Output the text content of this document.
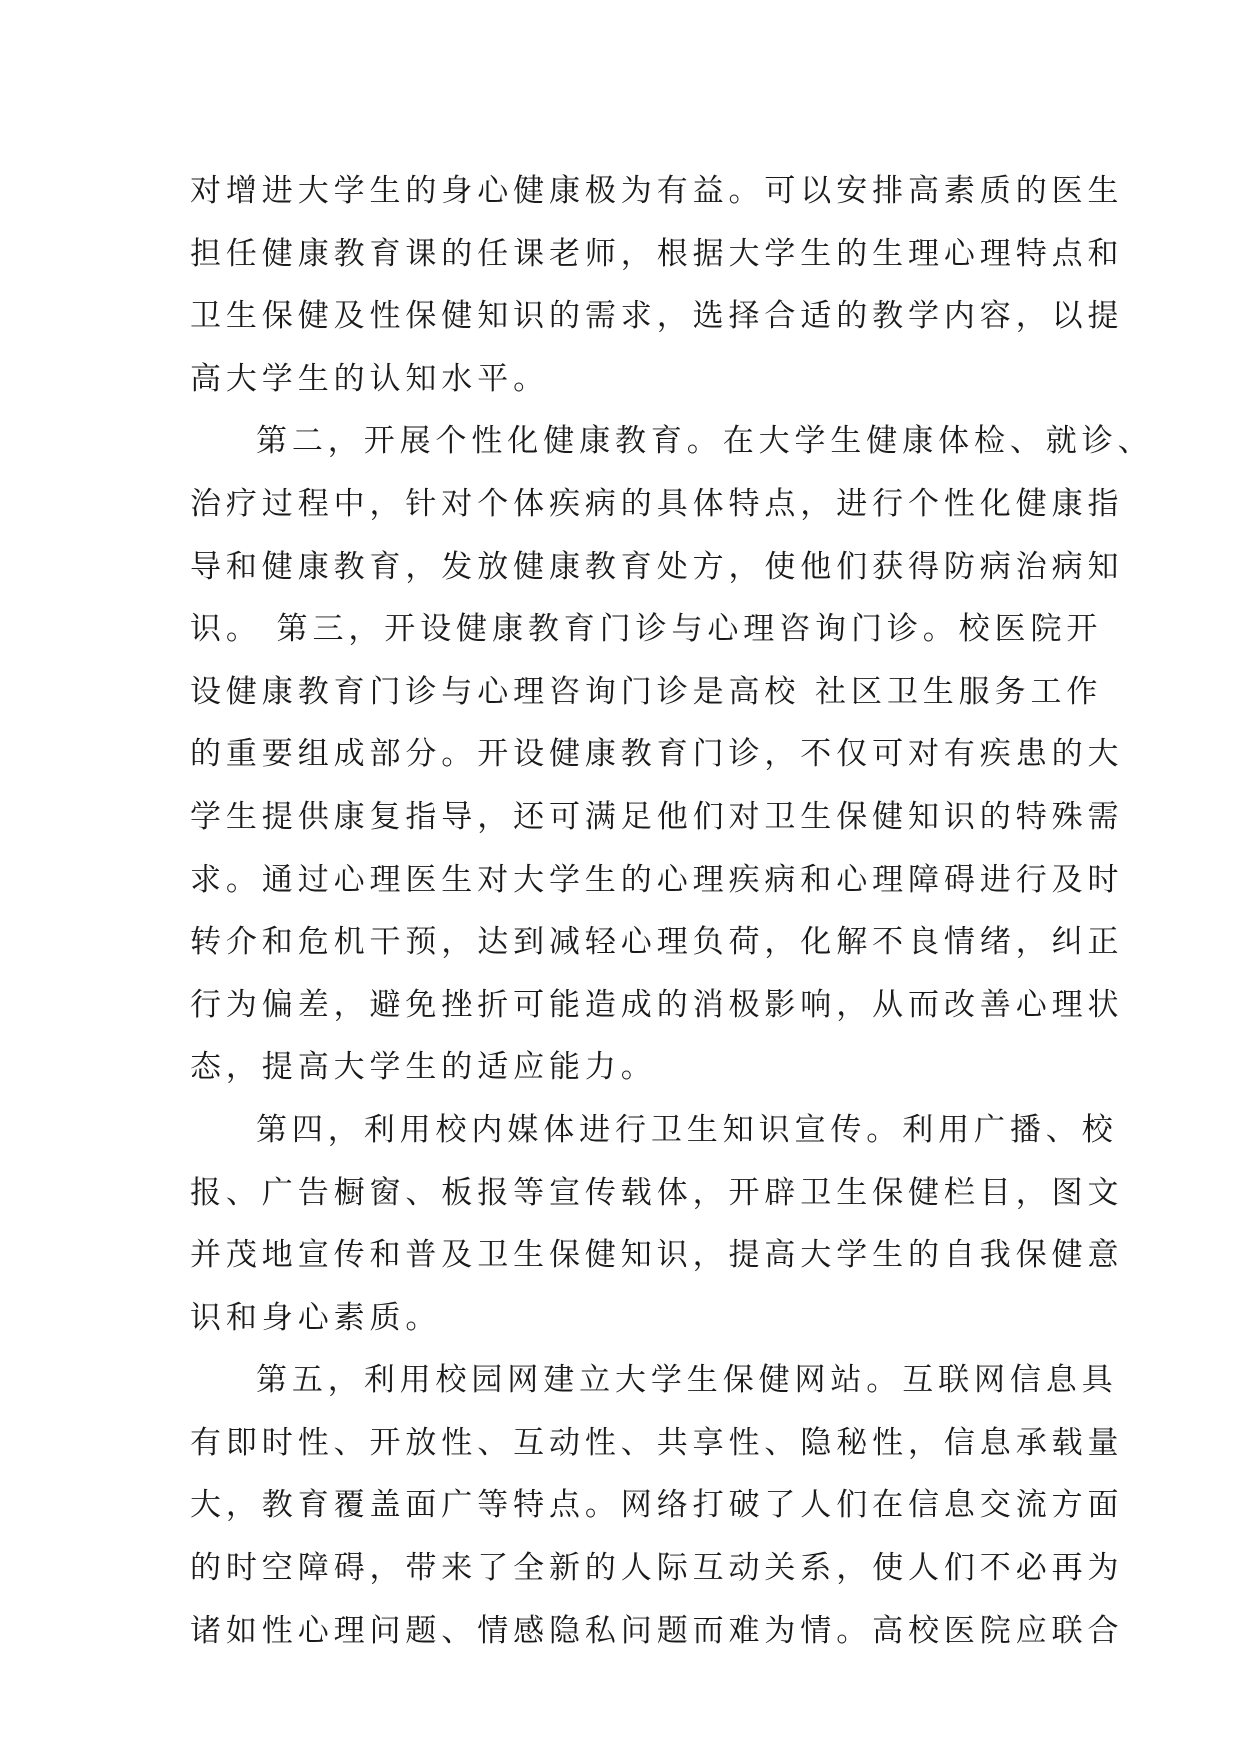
对增进大学生的身心健康极为有益。可以安排高素质的医生
担任健康教育课的任课老师，根据大学生的生理心理特点和
卫生保健及性保健知识的需求，选择合适的教学内容，以提
高大学生的认知水平。
第二，开展个性化健康教育。在大学生健康体检、就诊、
治疗过程中，针对个体疾病的具体特点，进行个性化健康指
导和健康教育，发放健康教育处方，使他们获得防病治病知
识。 第三，开设健康教育门诊与心理咨询门诊。校医院开
设健康教育门诊与心理咨询门诊是高校 社区卫生服务工作
的重要组成部分。开设健康教育门诊，不仅可对有疾患的大
学生提供康复指导，还可满足他们对卫生保健知识的特殊需
求。通过心理医生对大学生的心理疾病和心理障碍进行及时
转介和危机干预，达到减轻心理负荷，化解不良情绪，纠正
行为偏差，避免挫折可能造成的消极影响，从而改善心理状
态，提高大学生的适应能力。
第四，利用校内媒体进行卫生知识宣传。利用广播、校
报、广告橱窗、板报等宣传载体，开辟卫生保健栏目，图文
并茂地宣传和普及卫生保健知识，提高大学生的自我保健意
识和身心素质。
第五，利用校园网建立大学生保健网站。互联网信息具
有即时性、开放性、互动性、共享性、隐秘性，信息承载量
大，教育覆盖面广等特点。网络打破了人们在信息交流方面
的时空障碍，带来了全新的人际互动关系，使人们不必再为
诸如性心理问题、情感隐私问题而难为情。高校医院应联合
